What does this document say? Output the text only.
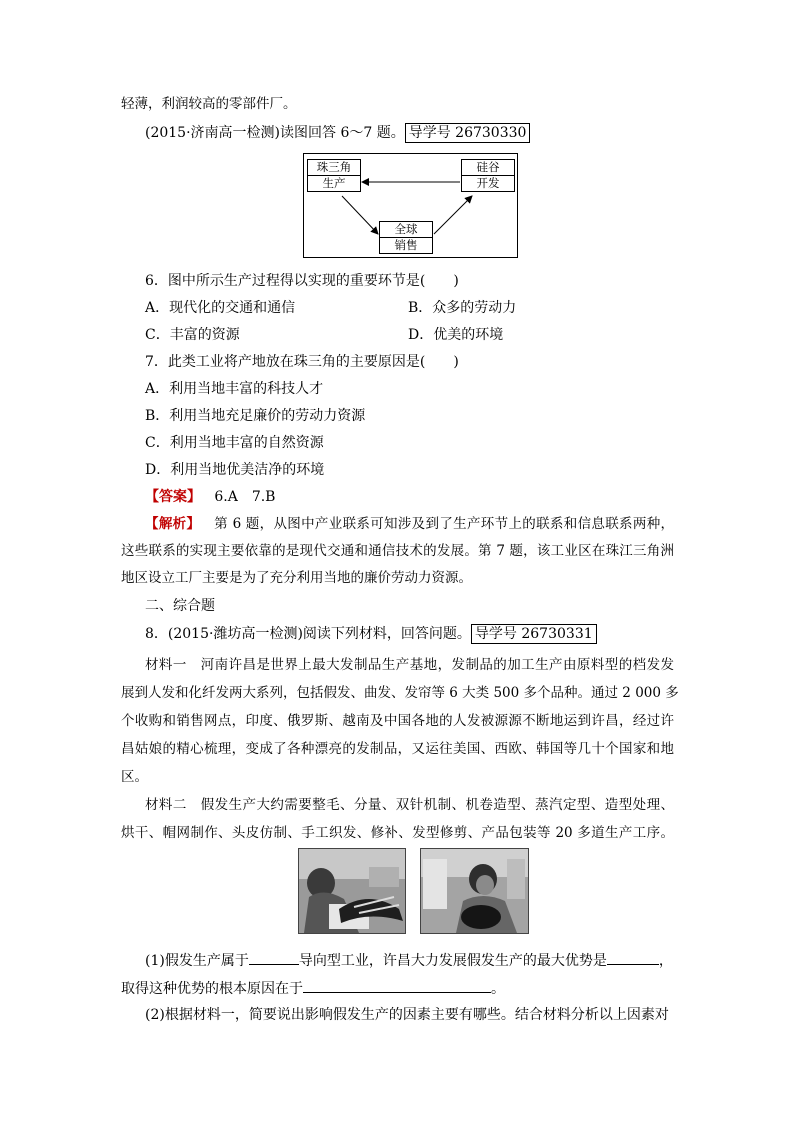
轻薄，利润较高的零部件厂。
(2015·济南高一检测)读图回答 6～7 题。 导学号 26730330
珠三角
生产
硅谷
开发
全球
销售
6．图中所示生产过程得以实现的重要环节是(　　)
A．现代化的交通和通信	B．众多的劳动力
C．丰富的资源	D．优美的环境
7．此类工业将产地放在珠三角的主要原因是(　　)
A．利用当地丰富的科技人才
B．利用当地充足廉价的劳动力资源
C．利用当地丰富的自然资源
D．利用当地优美洁净的环境
【答案】 6.A　7.B
【解析】 第 6 题，从图中产业联系可知涉及到了生产环节上的联系和信息联系两种，
这些联系的实现主要依靠的是现代交通和通信技术的发展。第 7 题，该工业区在珠江三角洲
地区设立工厂主要是为了充分利用当地的廉价劳动力资源。
二、综合题
8．(2015·潍坊高一检测)阅读下列材料，回答问题。 导学号 26730331
材料一　河南许昌是世界上最大发制品生产基地，发制品的加工生产由原料型的档发发
展到人发和化纤发两大系列，包括假发、曲发、发帘等 6 大类 500 多个品种。通过 2 000 多
个收购和销售网点，印度、俄罗斯、越南及中国各地的人发被源源不断地运到许昌，经过许
昌姑娘的精心梳理，变成了各种漂亮的发制品，又运往美国、西欧、韩国等几十个国家和地
区。
材料二　假发生产大约需要整毛、分量、双针机制、机卷造型、蒸汽定型、造型处理、
烘干、帽网制作、头皮仿制、手工织发、修补、发型修剪、产品包装等 20 多道生产工序。
(1)假发生产属于	导向型工业，许昌大力发展假发生产的最大优势是	，
取得这种优势的根本原因在于	。
(2)根据材料一，简要说出影响假发生产的因素主要有哪些。结合材料分析以上因素对
